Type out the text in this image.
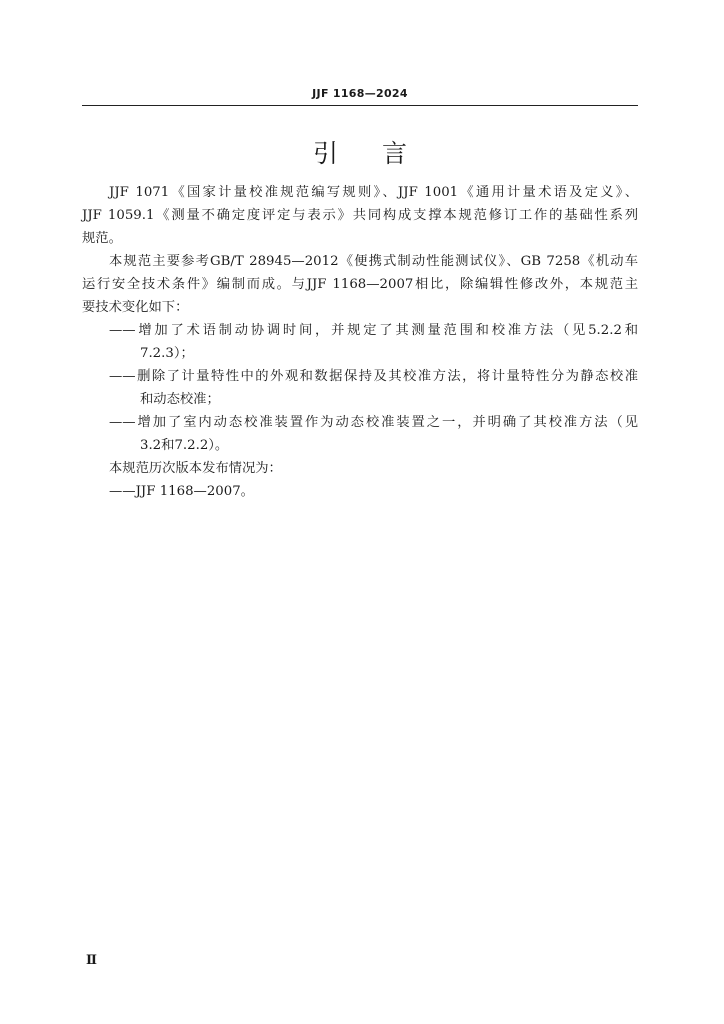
JJF 1168—2024
引言
JJF 1071《国家计量校准规范编写规则》、JJF 1001《通用计量术语及定义》、
JJF 1059.1《测量不确定度评定与表示》共同构成支撑本规范修订工作的基础性系列
规范。
本规范主要参考GB/T 28945—2012《便携式制动性能测试仪》、GB 7258《机动车
运行安全技术条件》编制而成。与JJF 1168—2007相比，除编辑性修改外，本规范主
要技术变化如下：
——增加了术语制动协调时间，并规定了其测量范围和校准方法（见5.2.2和
7.2.3）；
——删除了计量特性中的外观和数据保持及其校准方法，将计量特性分为静态校准
和动态校准；
——增加了室内动态校准装置作为动态校准装置之一，并明确了其校准方法（见
3.2和7.2.2）。
本规范历次版本发布情况为：
——JJF 1168—2007。
Ⅱ
